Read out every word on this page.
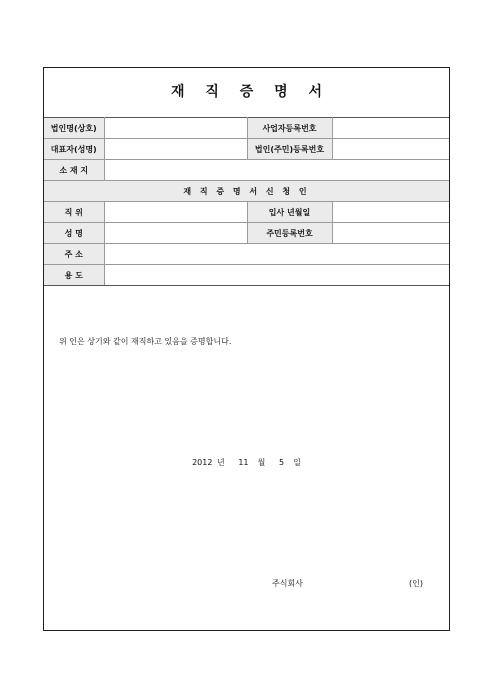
재 직 증 명 서
법인명(상호)		사업자등록번호	
대표자(성명)		법인(주민)등록번호	
소 재 지			
재 직 증 명 서 신 청 인			
직 위		입사 년월일	
성 명		주민등록번호	
주 소			
용 도			
위 인은 상기와 같이 재직하고 있음을 증명합니다.
2012 년 11 월 5 일
주식회사	(인)
